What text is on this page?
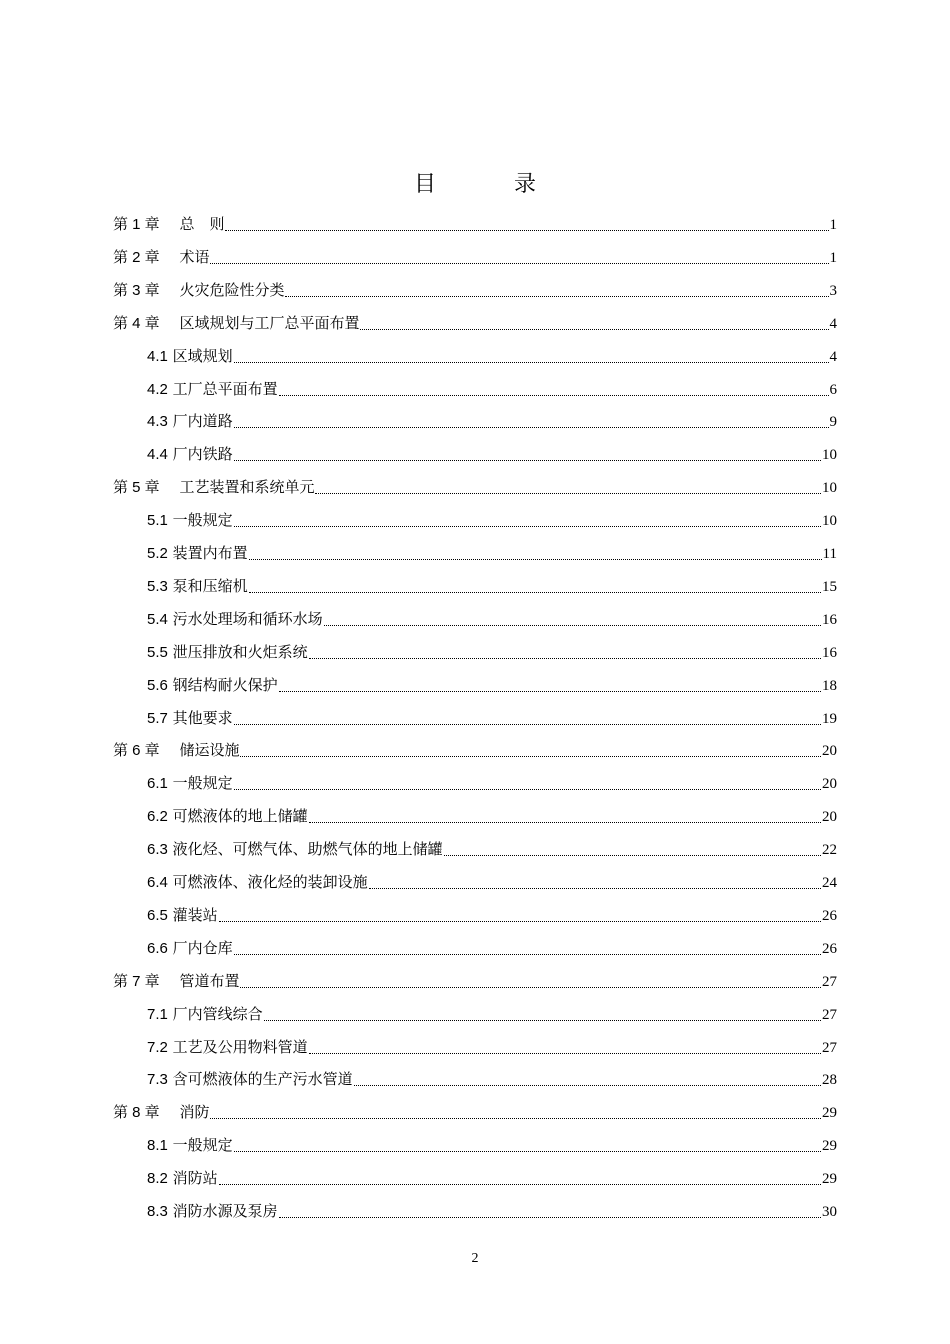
目　录
第 1 章　 总　则	1
第 2 章　 术语	1
第 3 章　 火灾危险性分类	3
第 4 章　 区域规划与工厂总平面布置	4
4.1 区域规划	4
4.2 工厂总平面布置	6
4.3 厂内道路	9
4.4 厂内铁路	10
第 5 章　 工艺装置和系统单元	10
5.1 一般规定	10
5.2 装置内布置	11
5.3 泵和压缩机	15
5.4 污水处理场和循环水场	16
5.5 泄压排放和火炬系统	16
5.6 钢结构耐火保护	18
5.7 其他要求	19
第 6 章　 储运设施	20
6.1 一般规定	20
6.2 可燃液体的地上储罐	20
6.3 液化烃、可燃气体、助燃气体的地上储罐	22
6.4 可燃液体、液化烃的装卸设施	24
6.5 灌装站	26
6.6 厂内仓库	26
第 7 章　 管道布置	27
7.1 厂内管线综合	27
7.2 工艺及公用物料管道	27
7.3 含可燃液体的生产污水管道	28
第 8 章　 消防	29
8.1 一般规定	29
8.2 消防站	29
8.3 消防水源及泵房	30
2
